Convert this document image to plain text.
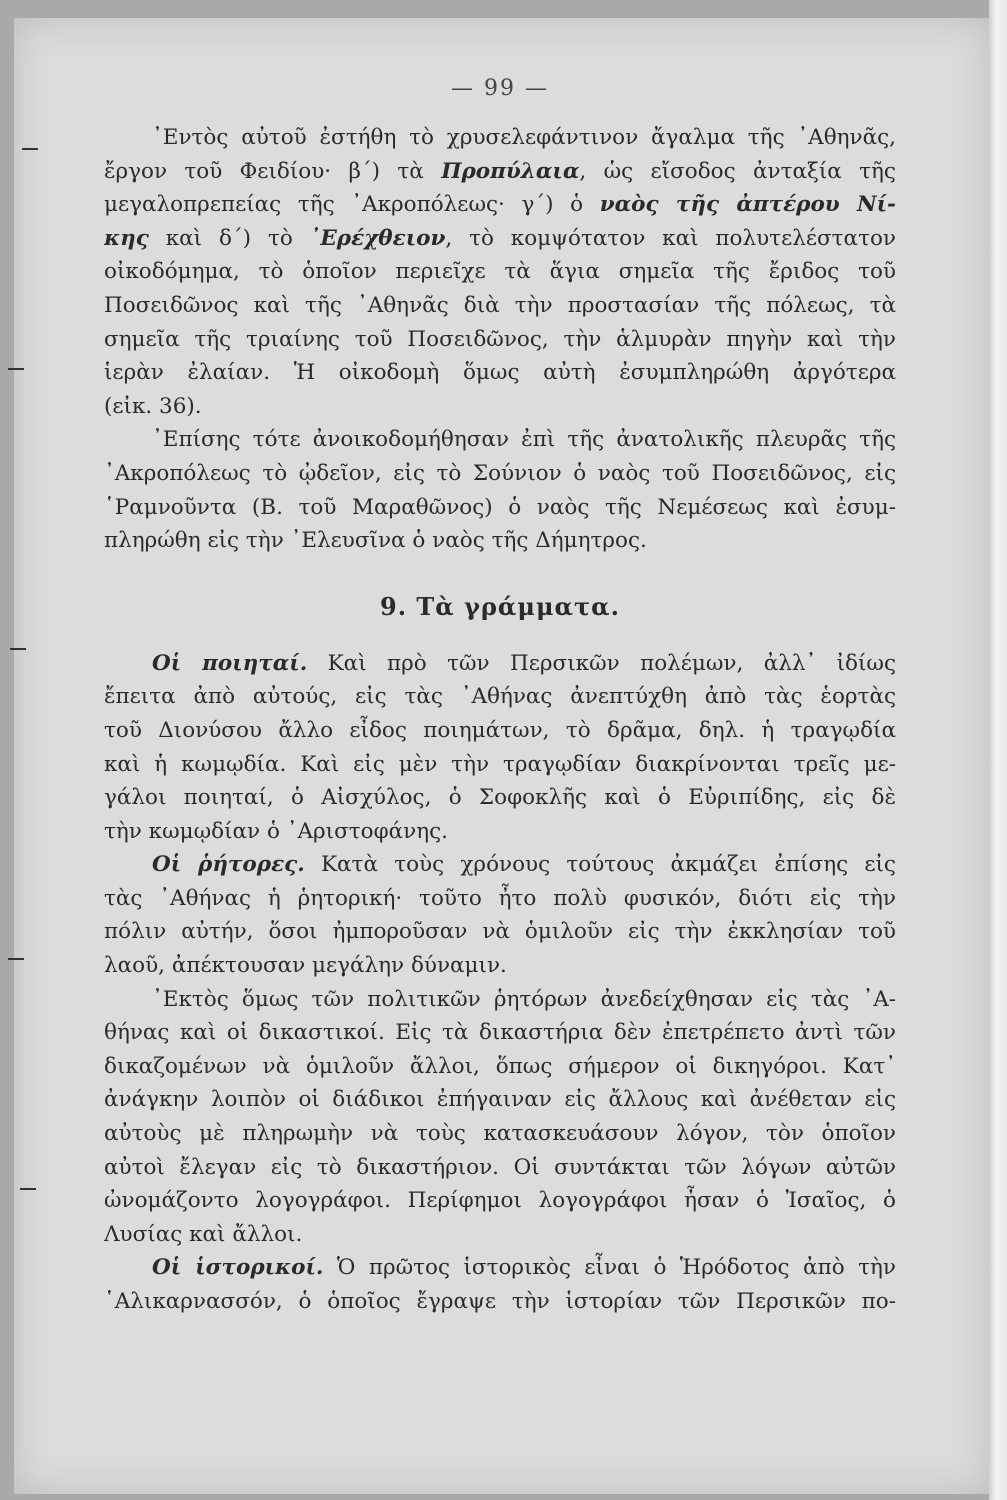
— 99 —
᾿Εντὸς αὐτοῦ ἐστήθη τὸ χρυσελεφάντινον ἄγαλμα τῆς ᾿Αθηνᾶς,
ἔργον τοῦ Φειδίου· β΄) τὰ Προπύλαια, ὡς εἴσοδος ἀνταξία τῆς
μεγαλοπρεπείας τῆς ᾿Ακροπόλεως· γ΄) ὁ ναὸς τῆς ἀπτέρου Νί-
κης καὶ δ΄) τὸ ᾿Ερέχθειον, τὸ κομψότατον καὶ πολυτελέστατον
οἰκοδόμημα, τὸ ὁποῖον περιεῖχε τὰ ἅγια σημεῖα τῆς ἔριδος τοῦ
Ποσειδῶνος καὶ τῆς ᾿Αθηνᾶς διὰ τὴν προστασίαν τῆς πόλεως, τὰ
σημεῖα τῆς τριαίνης τοῦ Ποσειδῶνος, τὴν ἁλμυρὰν πηγὴν καὶ τὴν
ἱερὰν ἐλαίαν. Ἡ οἰκοδομὴ ὅμως αὐτὴ ἐσυμπληρώθη ἀργότερα
(εἰκ. 36).
᾿Επίσης τότε ἀνοικοδομήθησαν ἐπὶ τῆς ἀνατολικῆς πλευρᾶς τῆς
᾿Ακροπόλεως τὸ ᾠδεῖον, εἰς τὸ Σούνιον ὁ ναὸς τοῦ Ποσειδῶνος, εἰς
῾Ραμνοῦντα (Β. τοῦ Μαραθῶνος) ὁ ναὸς τῆς Νεμέσεως καὶ ἐσυμ-
πληρώθη εἰς τὴν ᾿Ελευσῖνα ὁ ναὸς τῆς Δήμητρος.
9. Τὰ γράμματα.
Οἱ ποιηταί. Καὶ πρὸ τῶν Περσικῶν πολέμων, ἀλλ᾿ ἰδίως
ἔπειτα ἀπὸ αὐτούς, εἰς τὰς ᾿Αθήνας ἀνεπτύχθη ἀπὸ τὰς ἑορτὰς
τοῦ Διονύσου ἄλλο εἶδος ποιημάτων, τὸ δρᾶμα, δηλ. ἡ τραγῳδία
καὶ ἡ κωμῳδία. Καὶ εἰς μὲν τὴν τραγῳδίαν διακρίνονται τρεῖς με-
γάλοι ποιηταί, ὁ Αἰσχύλος, ὁ Σοφοκλῆς καὶ ὁ Εὐριπίδης, εἰς δὲ
τὴν κωμῳδίαν ὁ ᾿Αριστοφάνης.
Οἱ ῥήτορες. Κατὰ τοὺς χρόνους τούτους ἀκμάζει ἐπίσης εἰς
τὰς ᾿Αθήνας ἡ ῥητορική· τοῦτο ἦτο πολὺ φυσικόν, διότι εἰς τὴν
πόλιν αὐτήν, ὅσοι ἠμποροῦσαν νὰ ὁμιλοῦν εἰς τὴν ἐκκλησίαν τοῦ
λαοῦ, ἀπέκτουσαν μεγάλην δύναμιν.
᾿Εκτὸς ὅμως τῶν πολιτικῶν ῥητόρων ἀνεδείχθησαν εἰς τὰς ᾿Α-
θήνας καὶ οἱ δικαστικοί. Εἰς τὰ δικαστήρια δὲν ἐπετρέπετο ἀντὶ τῶν
δικαζομένων νὰ ὁμιλοῦν ἄλλοι, ὅπως σήμερον οἱ δικηγόροι. Κατ᾿
ἀνάγκην λοιπὸν οἱ διάδικοι ἐπήγαιναν εἰς ἄλλους καὶ ἀνέθεταν εἰς
αὐτοὺς μὲ πληρωμὴν νὰ τοὺς κατασκευάσουν λόγον, τὸν ὁποῖον
αὐτοὶ ἔλεγαν εἰς τὸ δικαστήριον. Οἱ συντάκται τῶν λόγων αὐτῶν
ὠνομάζοντο λογογράφοι. Περίφημοι λογογράφοι ἦσαν ὁ Ἰσαῖος, ὁ
Λυσίας καὶ ἄλλοι.
Οἱ ἱστορικοί. Ὁ πρῶτος ἱστορικὸς εἶναι ὁ Ἡρόδοτος ἀπὸ τὴν
῾Αλικαρνασσόν, ὁ ὁποῖος ἔγραψε τὴν ἱστορίαν τῶν Περσικῶν πο-
